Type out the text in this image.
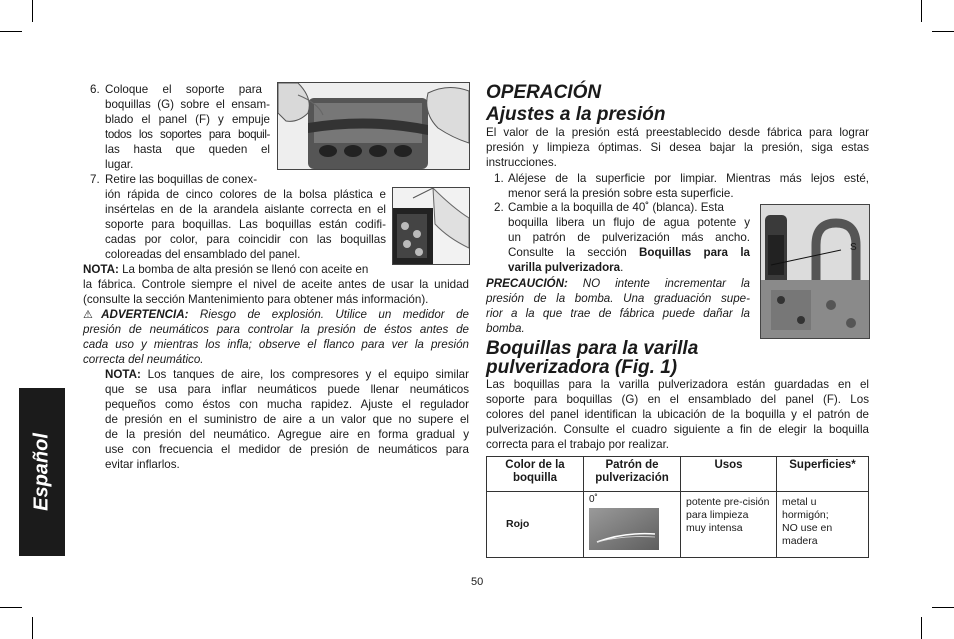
Español
6. Coloque el soporte para
boquillas (G) sobre el ensam-
blado el panel (F) y empuje
todos los soportes para boquil-
las hasta que queden el
lugar.
7. Retire las boquillas de conex-
ión rápida de cinco colores de la bolsa plástica e
insértelas en de la arandela aislante correcta en el
soporte para boquillas. Las boquillas están codifi-
cadas por color, para coincidir con las boquillas
coloreadas del ensamblado del panel.
NOTA: La bomba de alta presión se llenó con aceite en
la fábrica. Controle siempre el nivel de aceite antes de usar la unidad
(consulte la sección Mantenimiento para obtener más información).
⚠ADVERTENCIA: Riesgo de explosión. Utilice un medidor de
presión de neumáticos para controlar la presión de éstos antes de
cada uso y mientras los infla; observe el flanco para ver la presión
correcta del neumático.
NOTA: Los tanques de aire, los compresores y el equipo similar
que se usa para inflar neumáticos puede llenar neumáticos
pequeños como éstos con mucha rapidez. Ajuste el regulador
de presión en el suministro de aire a un valor que no supere el
de la presión del neumático. Agregue aire en forma gradual y
use con frecuencia el medidor de presión de neumáticos para
evitar inflarlos.
OPERACIÓN
Ajustes a la presión
El valor de la presión está preestablecido desde fábrica para lograr
presión y limpieza óptimas. Si desea bajar la presión, siga estas
instrucciones.
1. Aléjese de la superficie por limpiar. Mientras más lejos esté,
menor será la presión sobre esta superficie.
2. Cambie a la boquilla de 40˚ (blanca). Esta
boquilla libera un flujo de agua potente y
un patrón de pulverización más ancho.
Consulte la sección Boquillas para la
varilla pulverizadora.
S
PRECAUCIÓN: NO intente incrementar la
presión de la bomba. Una graduación supe-
rior a la que trae de fábrica puede dañar la
bomba.
Boquillas para la varilla
pulverizadora (Fig. 1)
Las boquillas para la varilla pulverizadora están guardadas en el
soporte para boquillas (G) en el ensamblado del panel (F). Los
colores del panel identifican la ubicación de la boquilla y el patrón de
pulverización. Consulte el cuadro siguiente a fin de elegir la boquilla
correcta para el trabajo por realizar.
Color de la boquilla	Patrón de pulverización	Usos	Superficies*
Rojo	0˚	potente pre-cisión para limpieza muy intensa	metal u hormigón;
NO use en madera
50
